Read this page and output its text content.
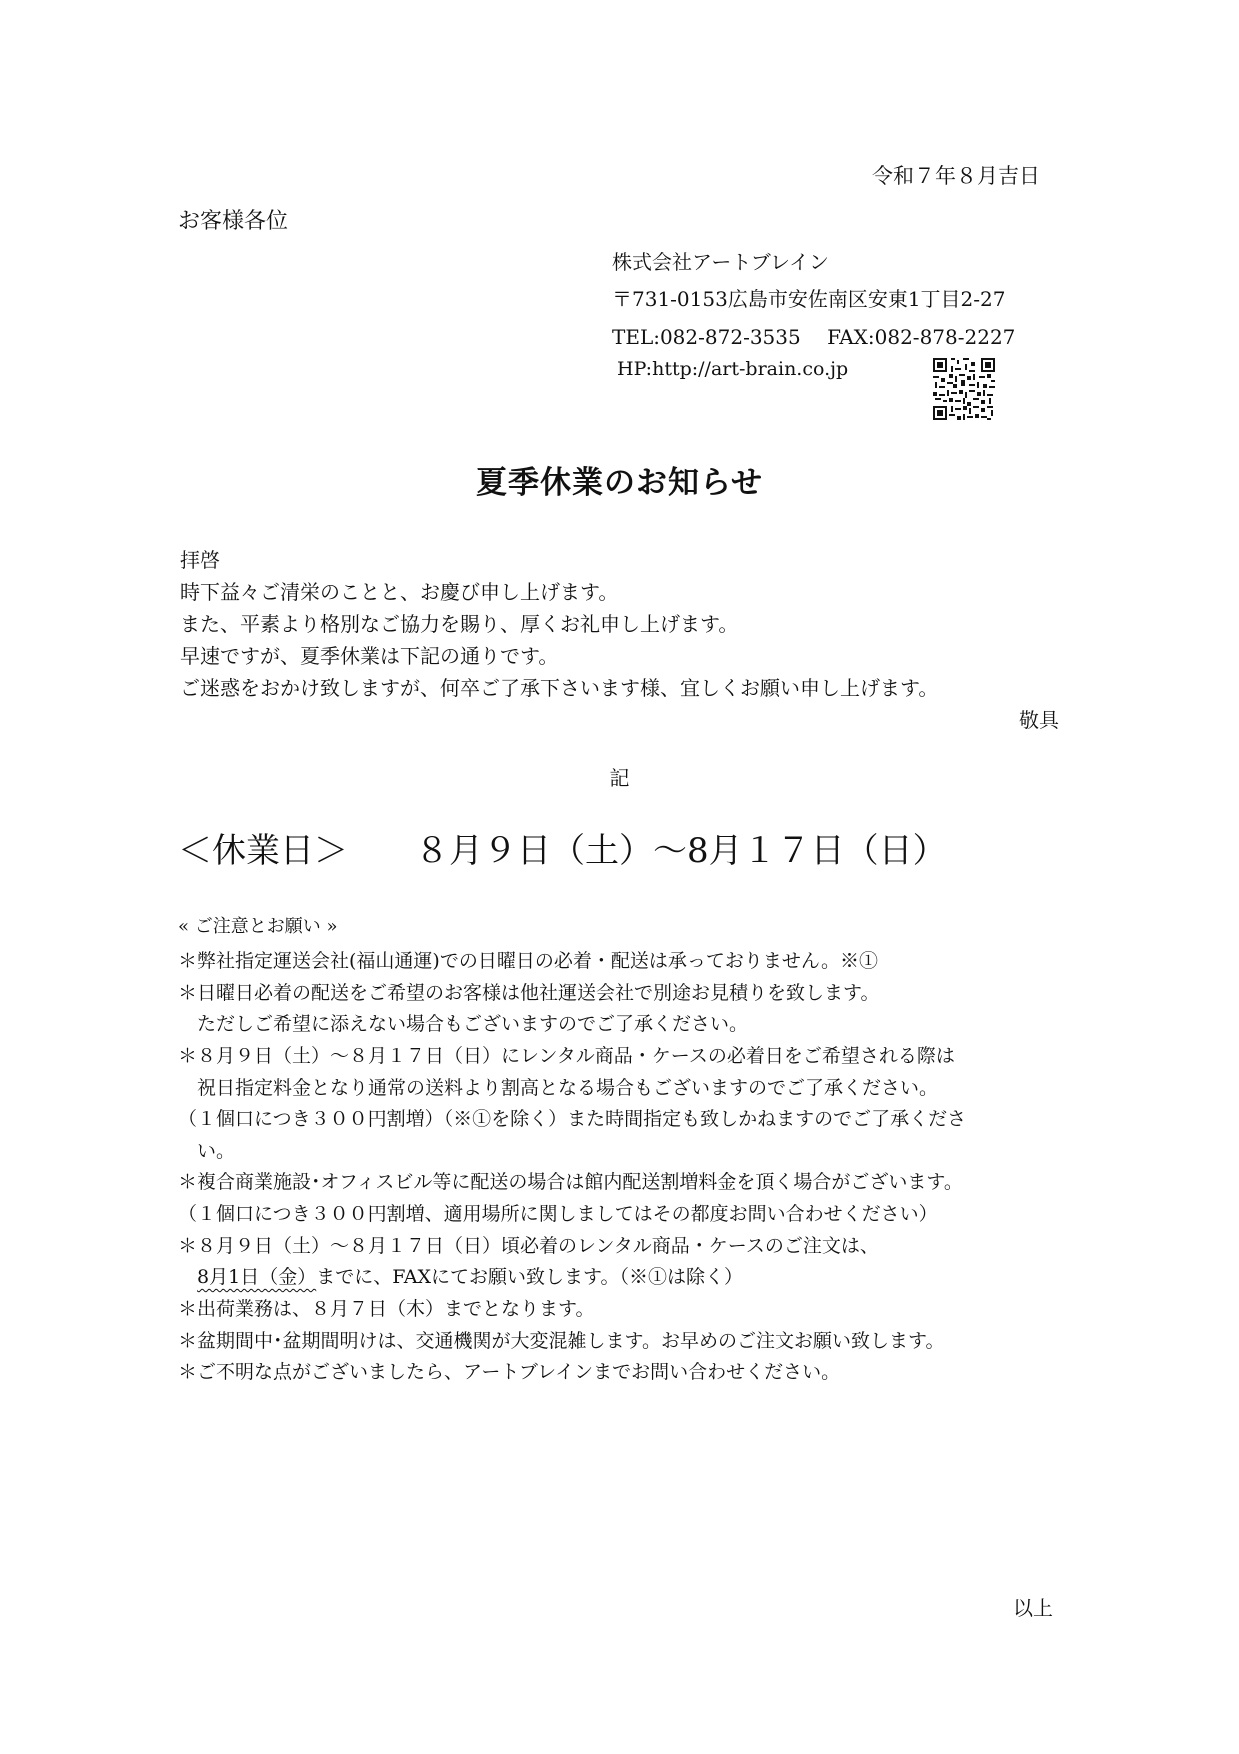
令和７年８月吉日
お客様各位
株式会社アートブレイン
〒731-0153広島市安佐南区安東1丁目2-27
TEL:082-872-3535　 FAX:082-878-2227
HP:http://art-brain.co.jp
夏季休業のお知らせ
拝啓
時下益々ご清栄のことと、お慶び申し上げます。
また、平素より格別なご協力を賜り、厚くお礼申し上げます。
早速ですが、夏季休業は下記の通りです。
ご迷惑をおかけ致しますが、何卒ご了承下さいます様、宜しくお願い申し上げます。
敬具
記
＜休業日＞ ８月９日（土）～8月１７日（日）
« ご注意とお願い »
＊弊社指定運送会社(福山通運)での日曜日の必着・配送は承っておりません。※①
＊日曜日必着の配送をご希望のお客様は他社運送会社で別途お見積りを致します。
　ただしご希望に添えない場合もございますのでご了承ください。
＊８月９日（土）～８月１７日（日）にレンタル商品・ケースの必着日をご希望される際は
　祝日指定料金となり通常の送料より割高となる場合もございますのでご了承ください。
（１個口につき３００円割増）（※①を除く）また時間指定も致しかねますのでご了承くださ
　い。
＊複合商業施設･オフィスビル等に配送の場合は館内配送割増料金を頂く場合がございます。
（１個口につき３００円割増、適用場所に関しましてはその都度お問い合わせください）
＊８月９日（土）～８月１７日（日）頃必着のレンタル商品・ケースのご注文は、
　8月1日（金）までに、FAXにてお願い致します。（※①は除く）
＊出荷業務は、８月７日（木）までとなります。
＊盆期間中･盆期間明けは、交通機関が大変混雑します。お早めのご注文お願い致します。
＊ご不明な点がございましたら、アートブレインまでお問い合わせください。
以上
